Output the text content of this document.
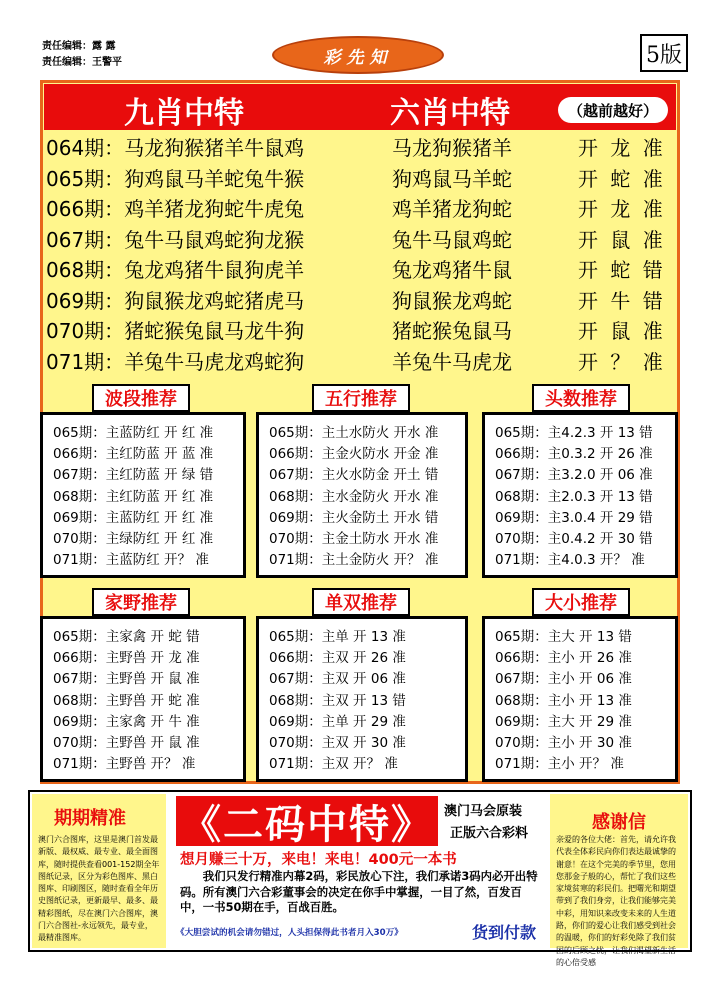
责任编辑：露 露
责任编辑：王警平	彩先知	5版
九肖中特	六肖中特	（越前越好）
064期：马龙狗猴猪羊牛鼠鸡	马龙狗猴猪羊	开 龙 准
065期：狗鸡鼠马羊蛇兔牛猴	狗鸡鼠马羊蛇	开 蛇 准
066期：鸡羊猪龙狗蛇牛虎兔	鸡羊猪龙狗蛇	开 龙 准
067期：兔牛马鼠鸡蛇狗龙猴	兔牛马鼠鸡蛇	开 鼠 准
068期：兔龙鸡猪牛鼠狗虎羊	兔龙鸡猪牛鼠	开 蛇 错
069期：狗鼠猴龙鸡蛇猪虎马	狗鼠猴龙鸡蛇	开 牛 错
070期：猪蛇猴兔鼠马龙牛狗	猪蛇猴兔鼠马	开 鼠 准
071期：羊兔牛马虎龙鸡蛇狗	羊兔牛马虎龙	开 ？ 准
波段推荐
065期：主蓝防红 开 红 准
066期：主红防蓝 开 蓝 准
067期：主红防蓝 开 绿 错
068期：主红防蓝 开 红 准
069期：主蓝防红 开 红 准
070期：主绿防红 开 红 准
071期：主蓝防红 开？ 准
五行推荐
065期：主土水防火 开水 准
066期：主金火防水 开金 准
067期：主火水防金 开土 错
068期：主水金防火 开水 准
069期：主火金防土 开水 错
070期：主金土防水 开水 准
071期：主土金防火 开？ 准
头数推荐
065期：主4.2.3 开 13 错
066期：主0.3.2 开 26 准
067期：主3.2.0 开 06 准
068期：主2.0.3 开 13 错
069期：主3.0.4 开 29 错
070期：主0.4.2 开 30 错
071期：主4.0.3 开？ 准
家野推荐
065期：主家禽 开 蛇 错
066期：主野兽 开 龙 准
067期：主野兽 开 鼠 准
068期：主野兽 开 蛇 准
069期：主家禽 开 牛 准
070期：主野兽 开 鼠 准
071期：主野兽 开？ 准
单双推荐
065期：主单 开 13 准
066期：主双 开 26 准
067期：主双 开 06 准
068期：主双 开 13 错
069期：主单 开 29 准
070期：主双 开 30 准
071期：主双 开？ 准
大小推荐
065期：主大 开 13 错
066期：主小 开 26 准
067期：主小 开 06 准
068期：主小 开 13 准
069期：主大 开 29 准
070期：主小 开 30 准
071期：主小 开？ 准
期期精准
澳门六合图库，这里是澳门首发最新版、最权威、最专业、最全面图库，随时提供查看001-152期全年图纸记录，区分为彩色图库、黑白图库、印刷图区，随时查看全年历史图纸记录，更新最早、最多、最精彩图纸，尽在澳门六合图库，澳门六合图社-永远领先，最专业，最精准图库。
《二码中特》 澳门马会原装
正版六合彩料
想月赚三十万，来电！来电！400元一本书
我们只发行精准内幕2码，彩民放心下注，我们承诺3码内必开出特码。所有澳门六合彩董事会的决定在你手中掌握，一目了然，百发百中，一书50期在手，百战百胜。
《大胆尝试的机会请勿错过，人头担保得此书者月入30万》	货到付款
感谢信
亲爱的各位大佬：首先，请允许我代表全体彩民向你们表达最诚挚的谢意！在这个完美的季节里，您用您那金子般的心，帮忙了我们这些家境贫寒的彩民们。把曙光和期望带到了我们身旁，让我们能够完美中彩，用知识来改变未来的人生道路，你们的爱心让我们感受到社会的温暖，你们的好彩免除了我们贫困的后顾之忧，让我们渴望新生活的心倍受感
